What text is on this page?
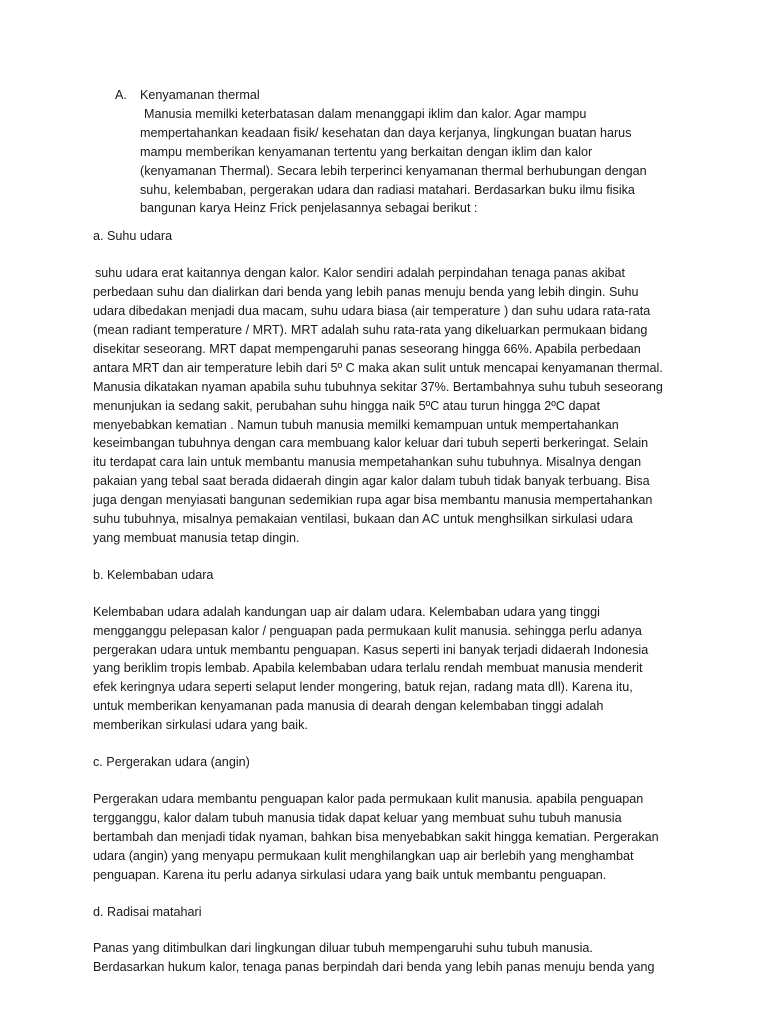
A.	Kenyamanan thermal

Manusia memilki keterbatasan dalam menanggapi iklim dan kalor. Agar mampu mempertahankan keadaan fisik/ kesehatan dan daya kerjanya, lingkungan buatan harus mampu memberikan kenyamanan tertentu yang berkaitan dengan iklim dan kalor (kenyamanan Thermal). Secara lebih terperinci kenyamanan thermal berhubungan dengan suhu, kelembaban, pergerakan udara dan radiasi matahari. Berdasarkan buku ilmu fisika bangunan karya Heinz Frick penjelasannya sebagai berikut :

a. Suhu udara

suhu udara erat kaitannya dengan kalor. Kalor sendiri adalah perpindahan tenaga panas akibat perbedaan suhu dan dialirkan dari benda yang lebih panas menuju benda yang lebih dingin. Suhu udara dibedakan menjadi dua macam, suhu udara biasa (air temperature ) dan suhu udara rata-rata (mean radiant temperature / MRT). MRT adalah suhu rata-rata yang dikeluarkan permukaan bidang disekitar seseorang. MRT dapat mempengaruhi panas seseorang hingga 66%. Apabila perbedaan antara MRT dan air temperature lebih dari 5º C maka akan sulit untuk mencapai kenyamanan thermal. Manusia dikatakan nyaman apabila suhu tubuhnya sekitar 37%. Bertambahnya suhu tubuh seseorang menunjukan ia sedang sakit, perubahan suhu hingga naik 5ºC atau turun hingga 2ºC dapat menyebabkan kematian . Namun tubuh manusia memilki kemampuan untuk mempertahankan keseimbangan tubuhnya dengan cara membuang kalor keluar dari tubuh seperti berkeringat. Selain itu terdapat cara lain untuk membantu manusia mempetahankan suhu tubuhnya. Misalnya dengan pakaian yang tebal saat berada didaerah dingin agar kalor dalam tubuh tidak banyak terbuang. Bisa juga dengan menyiasati bangunan sedemikian rupa agar bisa membantu manusia mempertahankan suhu tubuhnya, misalnya pemakaian ventilasi, bukaan dan AC untuk menghsilkan sirkulasi udara yang membuat manusia tetap dingin.

b. Kelembaban udara

Kelembaban udara adalah kandungan uap air dalam udara. Kelembaban udara yang tinggi mengganggu pelepasan kalor / penguapan pada permukaan kulit manusia. sehingga perlu adanya pergerakan udara untuk membantu penguapan. Kasus seperti ini banyak terjadi didaerah Indonesia yang beriklim tropis lembab. Apabila kelembaban udara terlalu rendah membuat manusia menderit efek keringnya udara seperti selaput lender mongering, batuk rejan, radang mata dll). Karena itu, untuk memberikan kenyamanan pada manusia di dearah dengan kelembaban tinggi adalah memberikan sirkulasi udara yang baik.

c. Pergerakan udara (angin)

Pergerakan udara membantu penguapan kalor pada permukaan kulit manusia. apabila penguapan tergganggu, kalor dalam tubuh manusia tidak dapat keluar yang membuat suhu tubuh manusia bertambah dan menjadi tidak nyaman, bahkan bisa menyebabkan sakit hingga kematian. Pergerakan udara (angin) yang menyapu permukaan kulit menghilangkan uap air berlebih yang menghambat penguapan. Karena itu perlu adanya sirkulasi udara yang baik untuk membantu penguapan.

d. Radisai matahari

Panas yang ditimbulkan dari lingkungan diluar tubuh mempengaruhi suhu tubuh manusia. Berdasarkan hukum kalor, tenaga panas berpindah dari benda yang lebih panas menuju benda yang
